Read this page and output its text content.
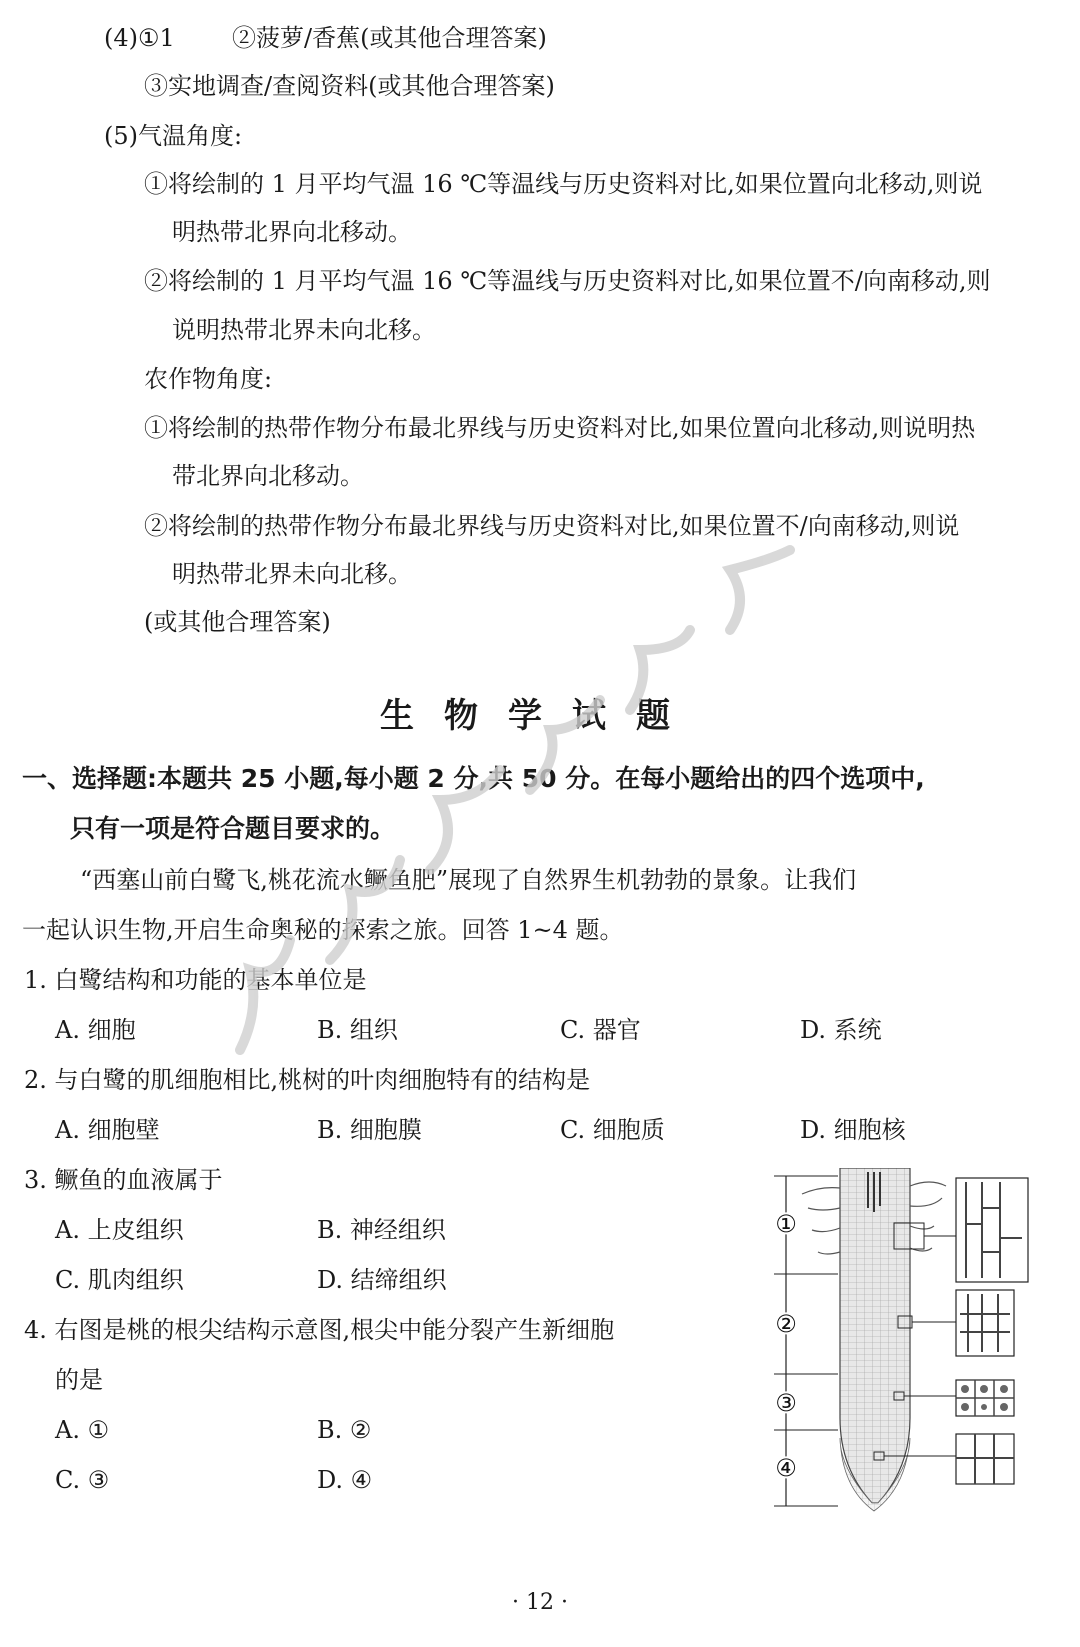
(4)①1 ②菠萝/香蕉(或其他合理答案)
③实地调查/查阅资料(或其他合理答案)
(5)气温角度:
①将绘制的 1 月平均气温 16 ℃等温线与历史资料对比,如果位置向北移动,则说
明热带北界向北移动。
②将绘制的 1 月平均气温 16 ℃等温线与历史资料对比,如果位置不/向南移动,则
说明热带北界未向北移。
农作物角度:
①将绘制的热带作物分布最北界线与历史资料对比,如果位置向北移动,则说明热
带北界向北移动。
②将绘制的热带作物分布最北界线与历史资料对比,如果位置不/向南移动,则说
明热带北界未向北移。
(或其他合理答案)
生物学试题
一、选择题:本题共 25 小题,每小题 2 分,共 50 分。在每小题给出的四个选项中,
只有一项是符合题目要求的。
“西塞山前白鹭飞,桃花流水鳜鱼肥”展现了自然界生机勃勃的景象。让我们
一起认识生物,开启生命奥秘的探索之旅。回答 1~4 题。
1. 白鹭结构和功能的基本单位是
A. 细胞	B. 组织	C. 器官	D. 系统
2. 与白鹭的肌细胞相比,桃树的叶肉细胞特有的结构是
A. 细胞壁	B. 细胞膜	C. 细胞质	D. 细胞核
3. 鳜鱼的血液属于
A. 上皮组织	B. 神经组织
C. 肌肉组织	D. 结缔组织
4. 右图是桃的根尖结构示意图,根尖中能分裂产生新细胞
的是
A. ①	B. ②
C. ③	D. ④
①
②
③
④
· 12 ·
